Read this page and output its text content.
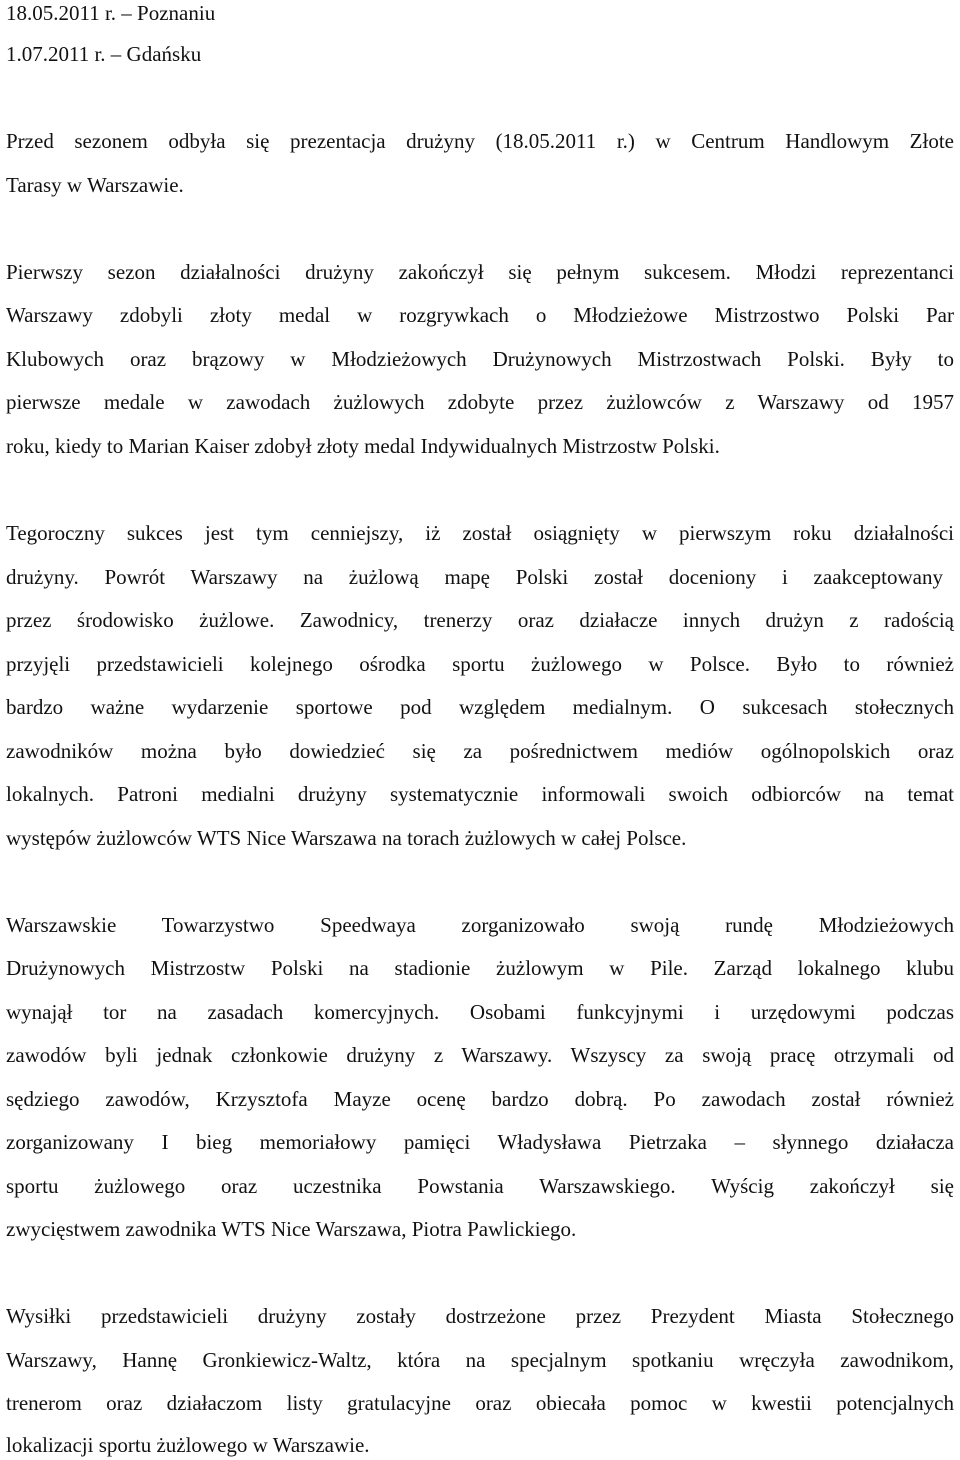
18.05.2011 r. – Poznaniu
1.07.2011 r. – Gdańsku
Przed sezonem odbyła się prezentacja drużyny (18.05.2011 r.) w Centrum Handlowym Złote
Tarasy w Warszawie.
Pierwszy sezon działalności drużyny zakończył się pełnym sukcesem. Młodzi reprezentanci
Warszawy zdobyli złoty medal w rozgrywkach o Młodzieżowe Mistrzostwo Polski Par
Klubowych oraz brązowy w Młodzieżowych Drużynowych Mistrzostwach Polski. Były to
pierwsze medale w zawodach żużlowych zdobyte przez żużlowców z Warszawy od 1957
roku, kiedy to Marian Kaiser zdobył złoty medal Indywidualnych Mistrzostw Polski.
Tegoroczny sukces jest tym cenniejszy, iż został osiągnięty w pierwszym roku działalności
drużyny. Powrót Warszawy na żużlową mapę Polski został doceniony i zaakceptowany
przez środowisko żużlowe. Zawodnicy, trenerzy oraz działacze innych drużyn z radością
przyjęli przedstawicieli kolejnego ośrodka sportu żużlowego w Polsce. Było to również
bardzo ważne wydarzenie sportowe pod względem medialnym. O sukcesach stołecznych
zawodników można było dowiedzieć się za pośrednictwem mediów ogólnopolskich oraz
lokalnych. Patroni medialni drużyny systematycznie informowali swoich odbiorców na temat
występów żużlowców WTS Nice Warszawa na torach żużlowych w całej Polsce.
Warszawskie Towarzystwo Speedwaya zorganizowało swoją rundę Młodzieżowych
Drużynowych Mistrzostw Polski na stadionie żużlowym w Pile. Zarząd lokalnego klubu
wynajął tor na zasadach komercyjnych. Osobami funkcyjnymi i urzędowymi podczas
zawodów byli jednak członkowie drużyny z Warszawy. Wszyscy za swoją pracę otrzymali od
sędziego zawodów, Krzysztofa Mayze ocenę bardzo dobrą. Po zawodach został również
zorganizowany I bieg memoriałowy pamięci Władysława Pietrzaka – słynnego działacza
sportu żużlowego oraz uczestnika Powstania Warszawskiego. Wyścig zakończył się
zwycięstwem zawodnika WTS Nice Warszawa, Piotra Pawlickiego.
Wysiłki przedstawicieli drużyny zostały dostrzeżone przez Prezydent Miasta Stołecznego
Warszawy, Hannę Gronkiewicz-Waltz, która na specjalnym spotkaniu wręczyła zawodnikom,
trenerom oraz działaczom listy gratulacyjne oraz obiecała pomoc w kwestii potencjalnych
lokalizacji sportu żużlowego w Warszawie.
